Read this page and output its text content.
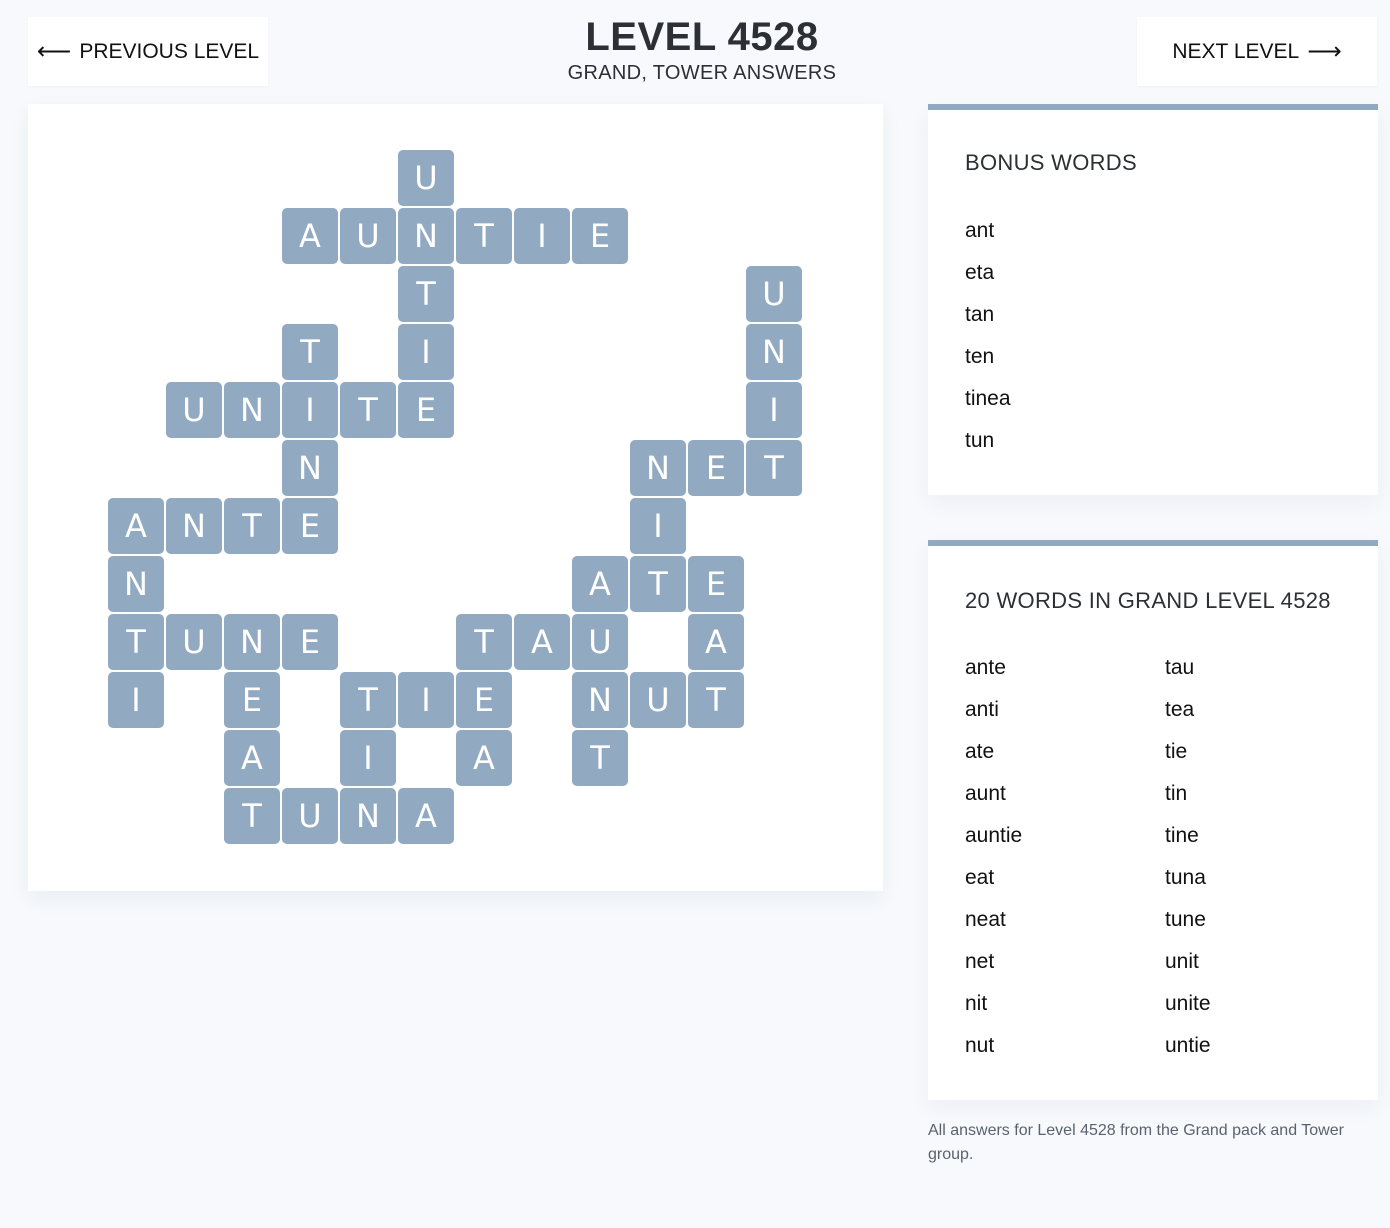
⟵ PREVIOUS LEVEL	LEVEL 4528
GRAND, TOWER ANSWERS
NEXT LEVEL ⟶
U
A	U	N	T	I	E
T	U
T	I	N
U	N	I	T	E	I
N	N	E	T
A	N	T	E	I
N	A	T	E
T	U	N	E	T	A	U	A
I	E	T	I	E	N	U	T
A	I	A	T
T	U	N	A
BONUS WORDS
ant
eta
tan
ten
tinea
tun
20 WORDS IN GRAND LEVEL 4528
ante
anti
ate
aunt
auntie
eat
neat
net
nit
nut
tau
tea
tie
tin
tine
tuna
tune
unit
unite
untie
All answers for Level 4528 from the Grand pack and Tower group.
